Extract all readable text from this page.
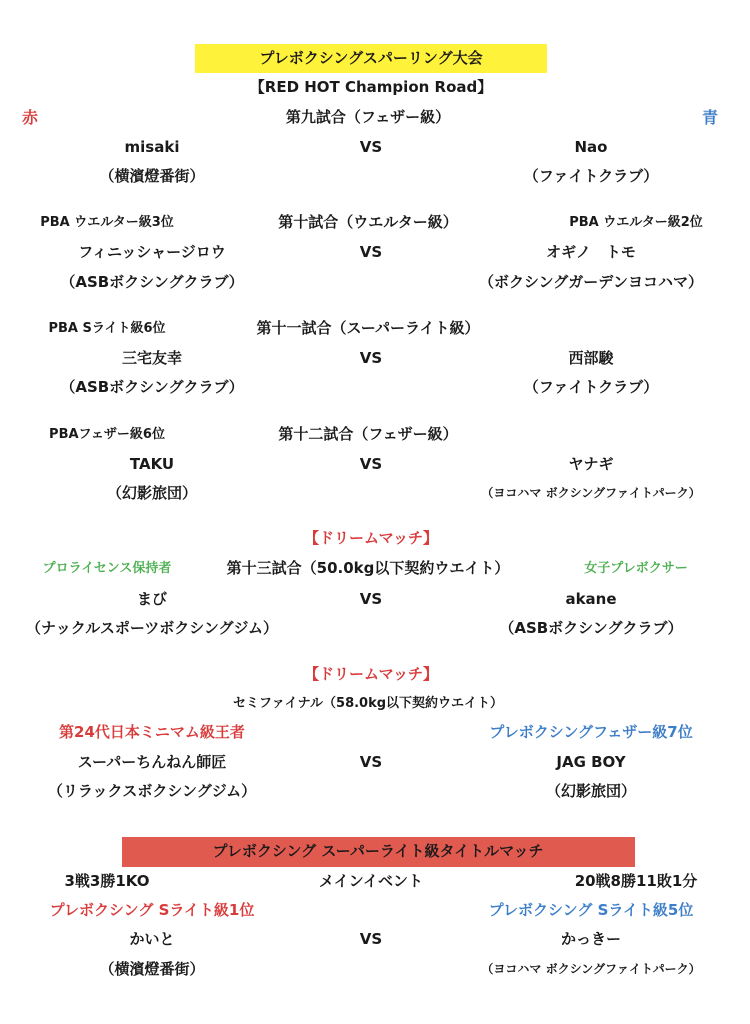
プレボクシングスパーリング大会
【RED HOT Champion Road】
赤	青
第九試合（フェザー級）
misaki	VS	Nao
（横濱燈番街）	（ファイトクラブ）
PBA ウエルター級3位	第十試合（ウエルター級）	PBA ウエルター級2位
フィニッシャージロウ	VS	オギノ　トモ
（ASBボクシングクラブ）	（ボクシングガーデンヨコハマ）
PBA Sライト級6位	第十一試合（スーパーライト級）
三宅友幸	VS	西部駿
（ASBボクシングクラブ）	（ファイトクラブ）
PBAフェザー級6位	第十二試合（フェザー級）
TAKU	VS	ヤナギ
（幻影旅団）	（ヨコハマ ボクシングファイトパーク）
【ドリームマッチ】
プロライセンス保持者	第十三試合（50.0kg以下契約ウエイト）	女子プレボクサー
まび	VS	akane
（ナックルスポーツボクシングジム）	（ASBボクシングクラブ）
【ドリームマッチ】
セミファイナル（58.0kg以下契約ウエイト）
第24代日本ミニマム級王者	プレボクシングフェザー級7位
スーパーちんねん師匠	VS	JAG BOY
（リラックスボクシングジム）	（幻影旅団）
プレボクシング スーパーライト級タイトルマッチ
3戦3勝1KO	メインイベント	20戦8勝11敗1分
プレボクシング Sライト級1位	プレボクシング Sライト級5位
かいと	VS	かっきー
（横濱燈番街）	（ヨコハマ ボクシングファイトパーク）
